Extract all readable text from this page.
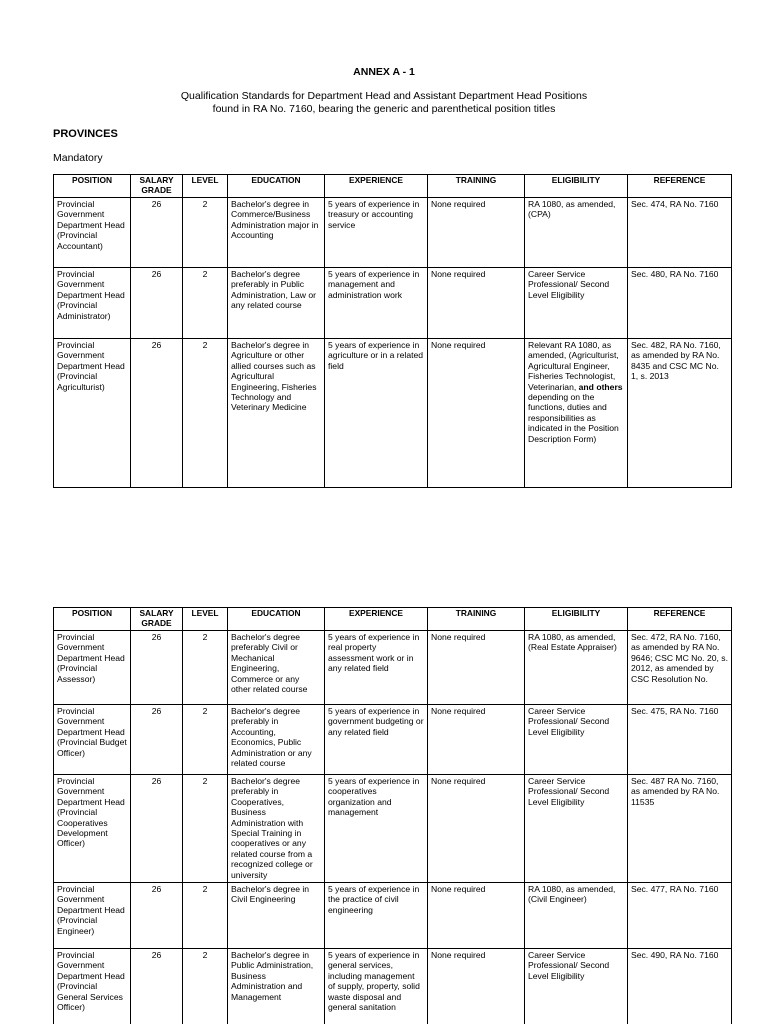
ANNEX A - 1
Qualification Standards for Department Head and Assistant Department Head Positions
found in RA No. 7160, bearing the generic and parenthetical position titles
PROVINCES
Mandatory
POSITION	SALARY GRADE	LEVEL	EDUCATION	EXPERIENCE	TRAINING	ELIGIBILITY	REFERENCE
Provincial Government Department Head (Provincial Accountant)	26	2	Bachelor's degree in Commerce/Business Administration major in Accounting	5 years of experience in treasury or accounting service	None required	RA 1080, as amended, (CPA)	Sec. 474, RA No. 7160
Provincial Government Department Head (Provincial Administrator)	26	2	Bachelor's degree preferably in Public Administration, Law or any related course	5 years of experience in management and administration work	None required	Career Service Professional/ Second Level Eligibility	Sec. 480, RA No. 7160
Provincial Government Department Head (Provincial Agriculturist)	26	2	Bachelor's degree in Agriculture or other allied courses such as Agricultural Engineering, Fisheries Technology and Veterinary Medicine	5 years of experience in agriculture or in a related field	None required	Relevant RA 1080, as amended, (Agriculturist, Agricultural Engineer, Fisheries Technologist, Veterinarian, and others depending on the functions, duties and responsibilities as indicated in the Position Description Form)	Sec. 482, RA No. 7160, as amended by RA No. 8435 and CSC MC No. 1, s. 2013
POSITION	SALARY GRADE	LEVEL	EDUCATION	EXPERIENCE	TRAINING	ELIGIBILITY	REFERENCE
Provincial Government Department Head (Provincial Assessor)	26	2	Bachelor's degree preferably Civil or Mechanical Engineering, Commerce or any other related course	5 years of experience in real property assessment work or in any related field	None required	RA 1080, as amended, (Real Estate Appraiser)	Sec. 472, RA No. 7160, as amended by RA No. 9646; CSC MC No. 20, s. 2012, as amended by CSC Resolution No.
Provincial Government Department Head (Provincial Budget Officer)	26	2	Bachelor's degree preferably in Accounting, Economics, Public Administration or any related course	5 years of experience in government budgeting or any related field	None required	Career Service Professional/ Second Level Eligibility	Sec. 475, RA No. 7160
Provincial Government Department Head (Provincial Cooperatives Development Officer)	26	2	Bachelor's degree preferably in Cooperatives, Business Administration with Special Training in cooperatives or any related course from a recognized college or university	5 years of experience in cooperatives organization and management	None required	Career Service Professional/ Second Level Eligibility	Sec. 487 RA No. 7160, as amended by RA No. 11535
Provincial Government Department Head (Provincial Engineer)	26	2	Bachelor's degree in Civil Engineering	5 years of experience in the practice of civil engineering	None required	RA 1080, as amended, (Civil Engineer)	Sec. 477, RA No. 7160
Provincial Government Department Head (Provincial General Services Officer)	26	2	Bachelor's degree in Public Administration, Business Administration and Management	5 years of experience in general services, including management of supply, property, solid waste disposal and general sanitation	None required	Career Service Professional/ Second Level Eligibility	Sec. 490, RA No. 7160
